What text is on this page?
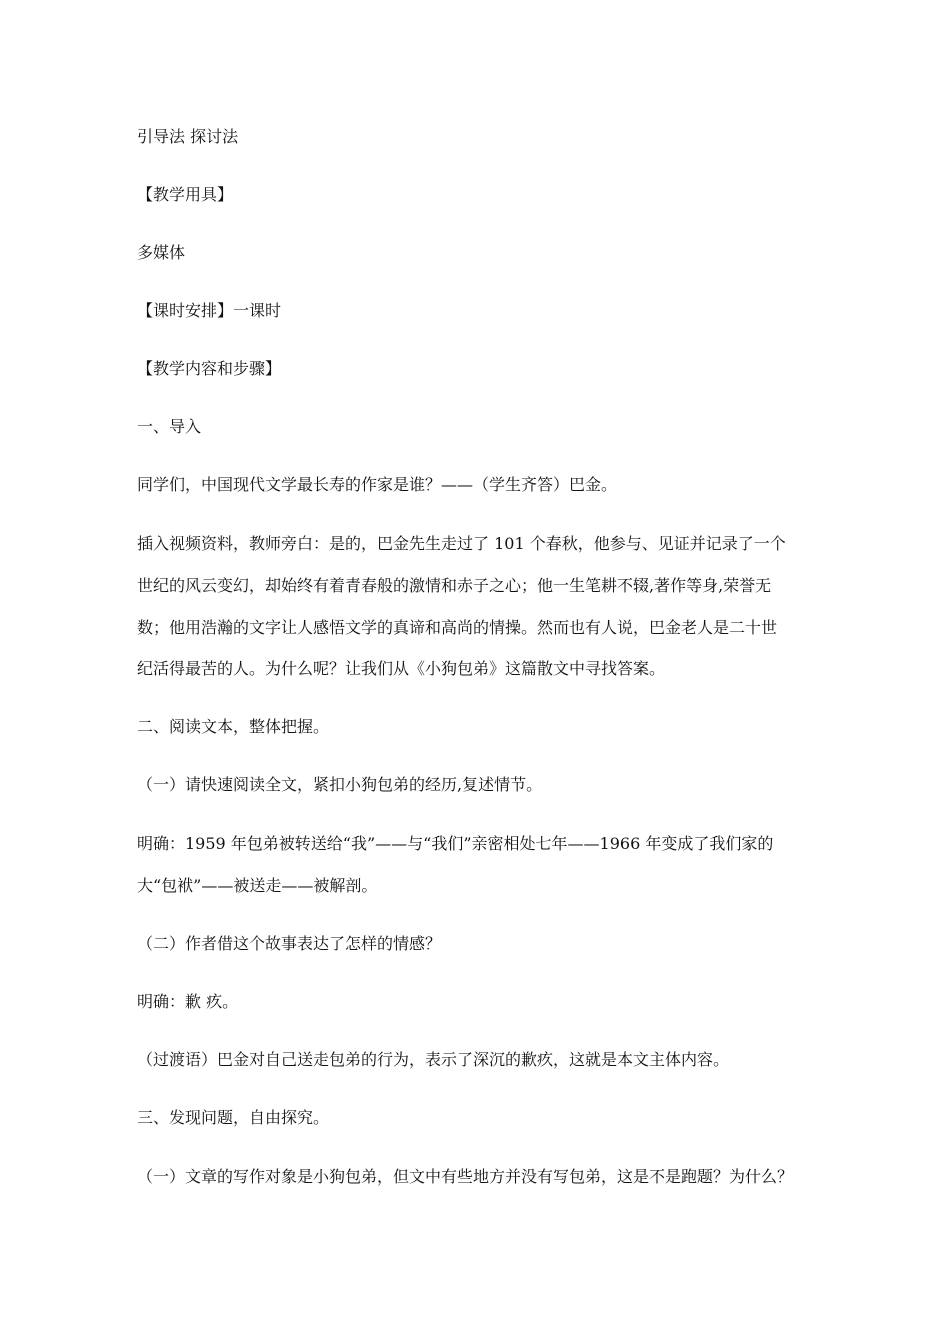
引导法 探讨法
【教学用具】
多媒体
【课时安排】一课时
【教学内容和步骤】
一、导入
同学们，中国现代文学最长寿的作家是谁？——（学生齐答）巴金。
插入视频资料，教师旁白：是的，巴金先生走过了 101 个春秋，他参与、见证并记录了一个
世纪的风云变幻，却始终有着青春般的激情和赤子之心；他一生笔耕不辍,著作等身,荣誉无
数；他用浩瀚的文字让人感悟文学的真谛和高尚的情操。然而也有人说，巴金老人是二十世
纪活得最苦的人。为什么呢？让我们从《小狗包弟》这篇散文中寻找答案。
二、阅读文本，整体把握。
（一）请快速阅读全文，紧扣小狗包弟的经历,复述情节。
明确：1959 年包弟被转送给“我”——与“我们”亲密相处七年——1966 年变成了我们家的
大“包袱”——被送走——被解剖。
（二）作者借这个故事表达了怎样的情感？
明确：歉 疚。
（过渡语）巴金对自己送走包弟的行为，表示了深沉的歉疚，这就是本文主体内容。
三、发现问题，自由探究。
（一）文章的写作对象是小狗包弟，但文中有些地方并没有写包弟，这是不是跑题？为什么？
